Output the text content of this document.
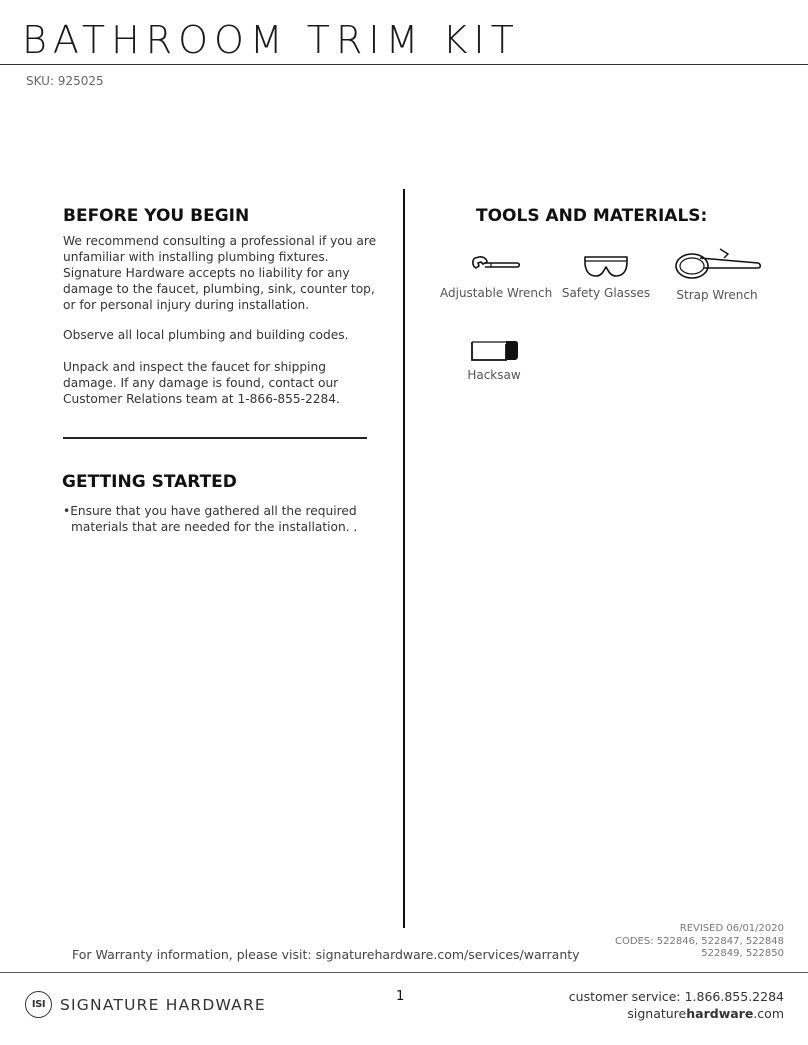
BATHROOM TRIM KIT
SKU: 925025
BEFORE YOU BEGIN
We recommend consulting a professional if you are unfamiliar with installing plumbing fixtures. Signature Hardware accepts no liability for any damage to the faucet, plumbing, sink, counter top, or for personal injury during installation.
Observe all local plumbing and building codes.
Unpack and inspect the faucet for shipping damage. If any damage is found, contact our Customer Relations team at 1-866-855-2284.
GETTING STARTED
•Ensure that you have gathered all the required materials that are needed for the installation. .
TOOLS AND MATERIALS:
Adjustable Wrench Safety Glasses	Strap Wrench
Hacksaw
REVISED 06/01/2020
CODES: 522846, 522847, 522848
522849, 522850
For Warranty information, please visit: signaturehardware.com/services/warranty
ISI SIGNATURE HARDWARE	1	customer service: 1.866.855.2284
signaturehardware.com
